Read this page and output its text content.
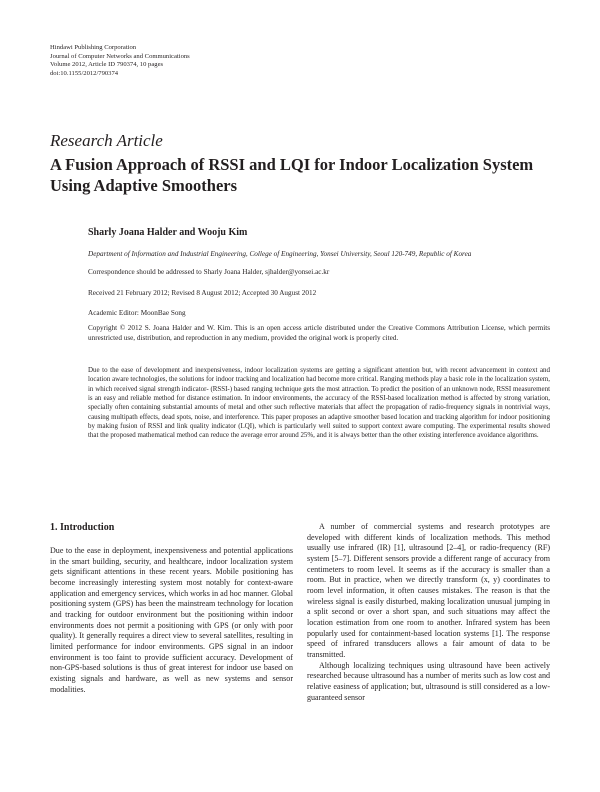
Hindawi Publishing Corporation
Journal of Computer Networks and Communications
Volume 2012, Article ID 790374, 10 pages
doi:10.1155/2012/790374
Research Article
A Fusion Approach of RSSI and LQI for Indoor Localization System Using Adaptive Smoothers
Sharly Joana Halder and Wooju Kim
Department of Information and Industrial Engineering, College of Engineering, Yonsei University, Seoul 120-749, Republic of Korea
Correspondence should be addressed to Sharly Joana Halder, sjhalder@yonsei.ac.kr
Received 21 February 2012; Revised 8 August 2012; Accepted 30 August 2012
Academic Editor: MoonBae Song
Copyright © 2012 S. Joana Halder and W. Kim. This is an open access article distributed under the Creative Commons Attribution License, which permits unrestricted use, distribution, and reproduction in any medium, provided the original work is properly cited.
Due to the ease of development and inexpensiveness, indoor localization systems are getting a significant attention but, with recent advancement in context and location aware technologies, the solutions for indoor tracking and localization had become more critical. Ranging methods play a basic role in the localization system, in which received signal strength indicator- (RSSI-) based ranging technique gets the most attraction. To predict the position of an unknown node, RSSI measurement is an easy and reliable method for distance estimation. In indoor environments, the accuracy of the RSSI-based localization method is affected by strong variation, specially often containing substantial amounts of metal and other such reflective materials that affect the propagation of radio-frequency signals in nontrivial ways, causing multipath effects, dead spots, noise, and interference. This paper proposes an adaptive smoother based location and tracking algorithm for indoor positioning by making fusion of RSSI and link quality indicator (LQI), which is particularly well suited to support context aware computing. The experimental results showed that the proposed mathematical method can reduce the average error around 25%, and it is always better than the other existing interference avoidance algorithms.
1. Introduction

Due to the ease in deployment, inexpensiveness and potential applications in the smart building, security, and healthcare, indoor localization system gets significant attentions in these recent years. Mobile positioning has become increasingly interesting system most notably for context-aware application and emergency services, which works in ad hoc manner. Global positioning system (GPS) has been the mainstream technology for location and tracking for outdoor environment but the positioning within indoor environments does not permit a positioning with GPS (or only with poor quality). It generally requires a direct view to several satellites, resulting in limited performance for indoor environments. GPS signal in an indoor environment is too faint to provide sufficient accuracy. Development of non-GPS-based solutions is thus of great interest for indoor use based on existing signals and hardware, as well as new systems and sensor modalities.

A number of commercial systems and research prototypes are developed with different kinds of localization methods. This method usually use infrared (IR) [1], ultrasound [2–4], or radio-frequency (RF) system [5–7]. Different sensors provide a different range of accuracy from centimeters to room level. It seems as if the accuracy is smaller than a room. But in practice, when we directly transform (x, y) coordinates to room level information, it often causes mistakes. The reason is that the wireless signal is easily disturbed, making localization unusual jumping in a split second or over a short span, and such situations may affect the location estimation from one room to another. Infrared system has been popularly used for containment-based location systems [1]. The response speed of infrared transducers allows a fair amount of data to be transmitted.

Although localizing techniques using ultrasound have been actively researched because ultrasound has a number of merits such as low cost and relative easiness of application; but, ultrasound is still considered as a low-guaranteed sensor
